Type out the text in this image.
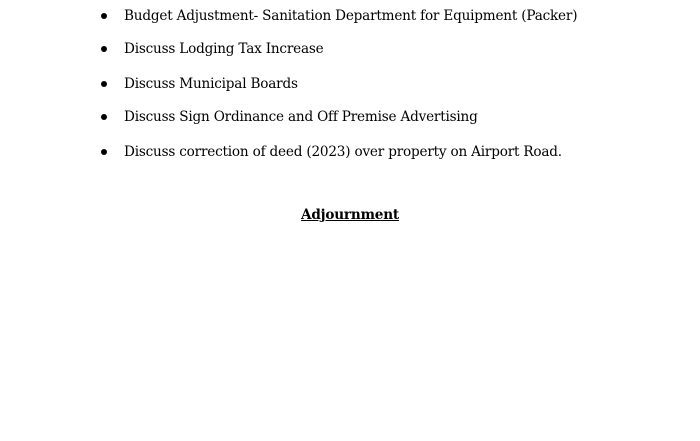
Budget Adjustment- Sanitation Department for Equipment (Packer)
Discuss Lodging Tax Increase
Discuss Municipal Boards
Discuss Sign Ordinance and Off Premise Advertising
Discuss correction of deed (2023) over property on Airport Road.
Adjournment
